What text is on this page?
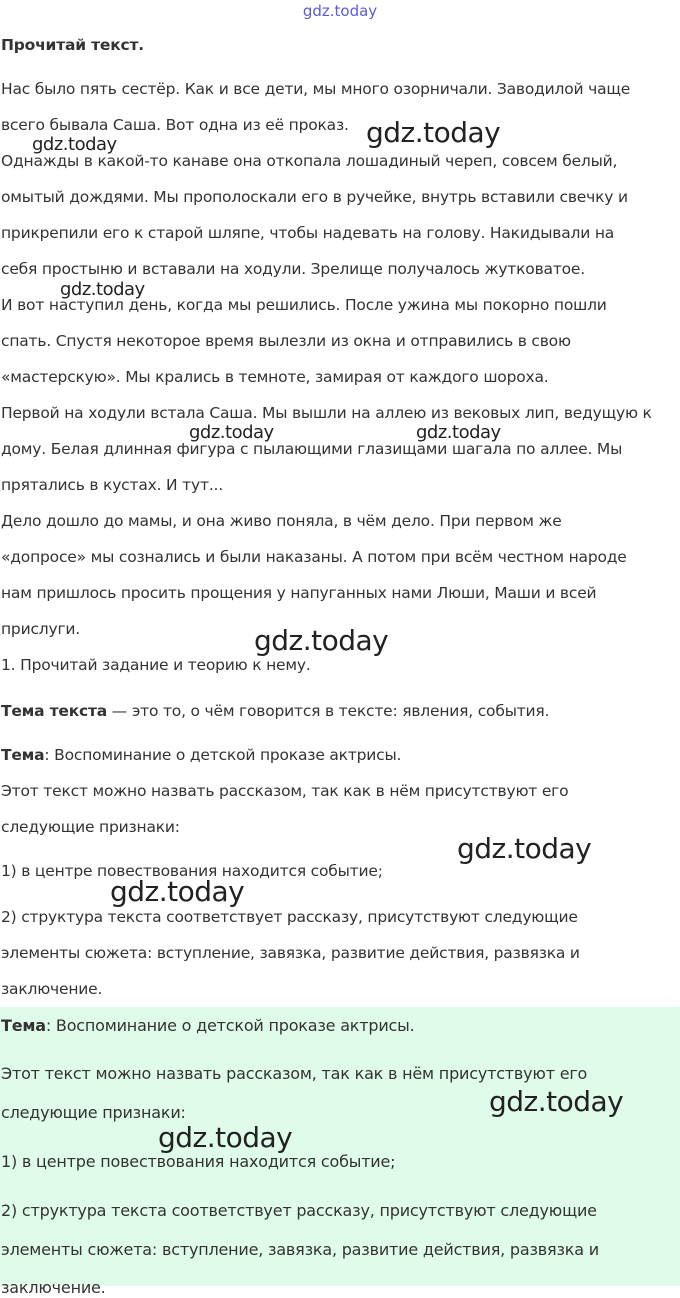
gdz.today
Прочитай текст.
Нас было пять сестёр. Как и все дети, мы много озорничали. Заводилой чаще
всего бывала Саша. Вот одна из её проказ.
Однажды в какой-то канаве она откопала лошадиный череп, совсем белый,
омытый дождями. Мы прополоскали его в ручейке, внутрь вставили свечку и
прикрепили его к старой шляпе, чтобы надевать на голову. Накидывали на
себя простыню и вставали на ходули. Зрелище получалось жутковатое.
И вот наступил день, когда мы решились. После ужина мы покорно пошли
спать. Спустя некоторое время вылезли из окна и отправились в свою
«мастерскую». Мы крались в темноте, замирая от каждого шороха.
Первой на ходули встала Саша. Мы вышли на аллею из вековых лип, ведущую к
дому. Белая длинная фигура с пылающими глазищами шагала по аллее. Мы
прятались в кустах. И тут...
Дело дошло до мамы, и она живо поняла, в чём дело. При первом же
«допросе» мы сознались и были наказаны. А потом при всём честном народе
нам пришлось просить прощения у напуганных нами Люши, Маши и всей
прислуги.
1. Прочитай задание и теорию к нему.
Тема текста — это то, о чём говорится в тексте: явления, события.
Тема: Воспоминание о детской проказе актрисы.
Этот текст можно назвать рассказом, так как в нём присутствуют его
следующие признаки:
1) в центре повествования находится событие;
2) структура текста соответствует рассказу, присутствуют следующие
элементы сюжета: вступление, завязка, развитие действия, развязка и
заключение.
Тема: Воспоминание о детской проказе актрисы.
Этот текст можно назвать рассказом, так как в нём присутствуют его
следующие признаки:
1) в центре повествования находится событие;
2) структура текста соответствует рассказу, присутствуют следующие
элементы сюжета: вступление, завязка, развитие действия, развязка и
заключение.
gdz.today
gdz.today
gdz.today
gdz.today	gdz.today
gdz.today
gdz.today
gdz.today
gdz.today
gdz.today
